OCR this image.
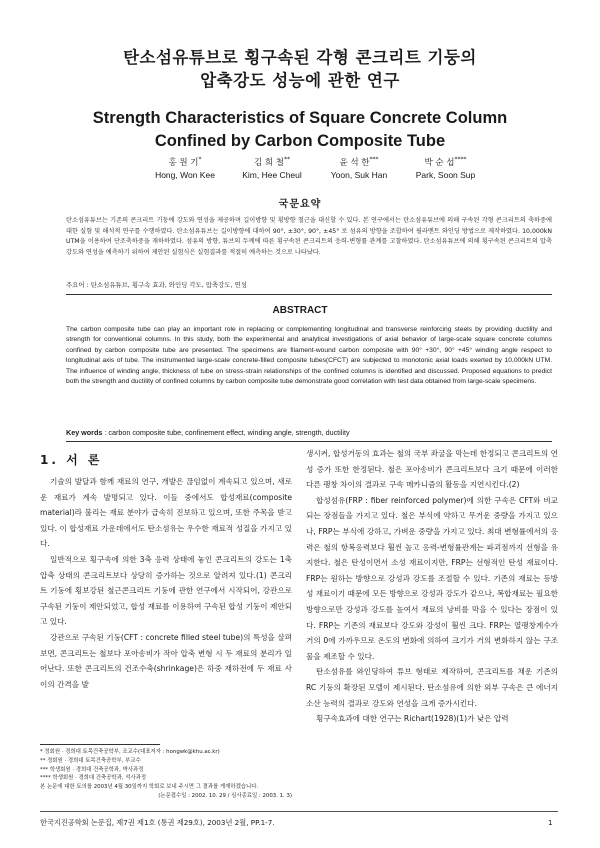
탄소섬유튜브로 횡구속된 각형 콘크리트 기둥의
압축강도 성능에 관한 연구
Strength Characteristics of Square Concrete Column
Confined by Carbon Composite Tube
홍 원 기*
Hong, Won Kee
김 희 철**
Kim, Hee Cheul
윤 석 한***
Yoon, Suk Han
박 순 섭****
Park, Soon Sup
국문요약
탄소섬유튜브는 기존의 콘크리트 기둥에 강도와 연성을 제공하며 길이방향 및 횡방향 철근을 대신할 수 있다. 본 연구에서는 탄소섬유튜브에 의해 구속된 각형 콘크리트의 축하중에 대한 실험 및 해석적 연구를 수행하였다. 탄소섬유튜브는 길이방향에 대하여 90°, ±30°, 90°, ±45° 로 섬유의 방향을 조합하여 필라멘트 와인딩 방법으로 제작하였다. 10,000kN UTM을 이용하여 단조축하중을 재하하였다. 섬유의 방향, 튜브의 두께에 따른 횡구속된 콘크리트의 응력-변형률 관계를 고찰하였다. 탄소섬유튜브에 의해 횡구속된 콘크리트의 압축강도와 연성을 예측하기 위하여 제안된 실험식은 실험결과를 적절히 예측하는 것으로 나타났다.
주요어 : 탄소섬유튜브, 횡구속 효과, 와인딩 각도, 압축강도, 연성
ABSTRACT
The carbon composite tube can play an important role in replacing or complementing longitudinal and transverse reinforcing steels by providing ductility and strength for conventional columns. In this study, both the experimental and analytical investigations of axial behavior of large-scale square concrete columns confined by carbon composite tube are presented. The specimens are filament-wound carbon composite with 90° +30°, 90° +45° winding angle respect to longitudinal axis of tube. The instrumented large-scale concrete-filled composite tubes(CFCT) are subjected to monotonic axial loads exerted by 10,000kN UTM. The influence of winding angle, thickness of tube on stress-strain relationships of the confined columns is identified and discussed. Proposed equations to predict both the strength and ductility of confined columns by carbon composite tube demonstrate good correlation with test data obtained from large-scale specimens.
Key words : carbon composite tube, confinement effect, winding angle, strength, ductility
1. 서 론

기술의 발달과 함께 재료의 연구, 개발은 끊임없이 계속되고 있으며, 새로운 재료가 계속 발명되고 있다. 이들 중에서도 합성재료(composite material)라 불리는 재료 분야가 급속히 진보하고 있으며, 또한 주목을 받고 있다. 이 합성재료 가운데에서도 탄소섬유는 우수한 재료적 성질을 가지고 있다.

일반적으로 횡구속에 의한 3축 응력 상태에 놓인 콘크리트의 강도는 1축 압축 상태의 콘크리트보다 상당히 증가하는 것으로 알려져 있다.(1) 콘크리트 기둥에 횡보강된 철근콘크리트 기둥에 관한 연구에서 시작되어, 강관으로 구속된 기둥이 제안되었고, 합성 재료를 이용하여 구속된 합성 기둥이 제안되고 있다.

강관으로 구속된 기둥(CFT : concrete filled steel tube)의 특성을 살펴보면, 콘크리트는 철보다 포아송비가 작아 압축 변형 시 두 재료의 분리가 일어난다. 또한 콘크리트의 건조수축(shrinkage)은 하중 재하전에 두 재료 사이의 간격을 발

* 정회원 · 경희대 토목건축공학부, 조교수(대표저자 : hongwk@khu.ac.kr)
** 정회원 · 경희대 토목건축공학부, 부교수
*** 학생회원 · 경희대 건축공학과, 박사과정
**** 학생회원 · 경희대 건축공학과, 석사과정
본 논문에 대한 토의를 2003년 4월 30일까지 학회로 보내 주시면 그 결과를 게재하겠습니다.
(논문접수일 : 2002. 10. 29 / 심사종료일 : 2003. 1. 3)

생시켜, 합성거동의 효과는 철의 국부 좌굴을 막는데 한정되고 콘크리트의 연성 증가 또한 한정된다. 철은 포아송비가 콘크리트보다 크기 때문에 이러한 다른 팽창 차이의 결과로 구속 메카니즘의 활동을 지연시킨다.(2)

합성섬유(FRP : fiber reinforced polymer)에 의한 구속은 CFT와 비교되는 장점들을 가지고 있다. 철은 부식에 약하고 무거운 중량을 가지고 있으나, FRP는 부식에 강하고, 가벼운 중량을 가지고 있다. 최대 변형률에서의 응력은 철의 항복응력보다 훨씬 높고 응력-변형률관계는 파괴점까지 선형을 유지한다. 철은 탄성이면서 소성 재료이지만, FRP는 선형적인 탄성 재료이다. FRP는 원하는 방향으로 강성과 강도를 조절할 수 있다. 기존의 재료는 등방성 재료이기 때문에 모든 방향으로 강성과 강도가 같으나, 복합재료는 필요한 방향으로만 강성과 강도를 높여서 재료의 낭비를 막을 수 있다는 장점이 있다. FRP는 기존의 재료보다 강도와 강성이 훨씬 크다. FRP는 열팽창계수가 거의 0에 가까우므로 온도의 변화에 의하여 크기가 거의 변화하지 않는 구조물을 제조할 수 있다.

탄소섬유를 와인딩하여 튜브 형태로 제작하여, 콘크리트를 채운 기존의 RC 기둥의 확장된 모델이 제시된다. 탄소섬유에 의한 외부 구속은 큰 에너지 소산 능력의 결과로 강도와 연성을 크게 증가시킨다.

횡구속효과에 대한 연구는 Richart(1928)(1)가 낮은 압력

한국지진공학회 논문집, 제7권 제1호 (통권 제29호), 2003년 2월, PP.1-7.	1
